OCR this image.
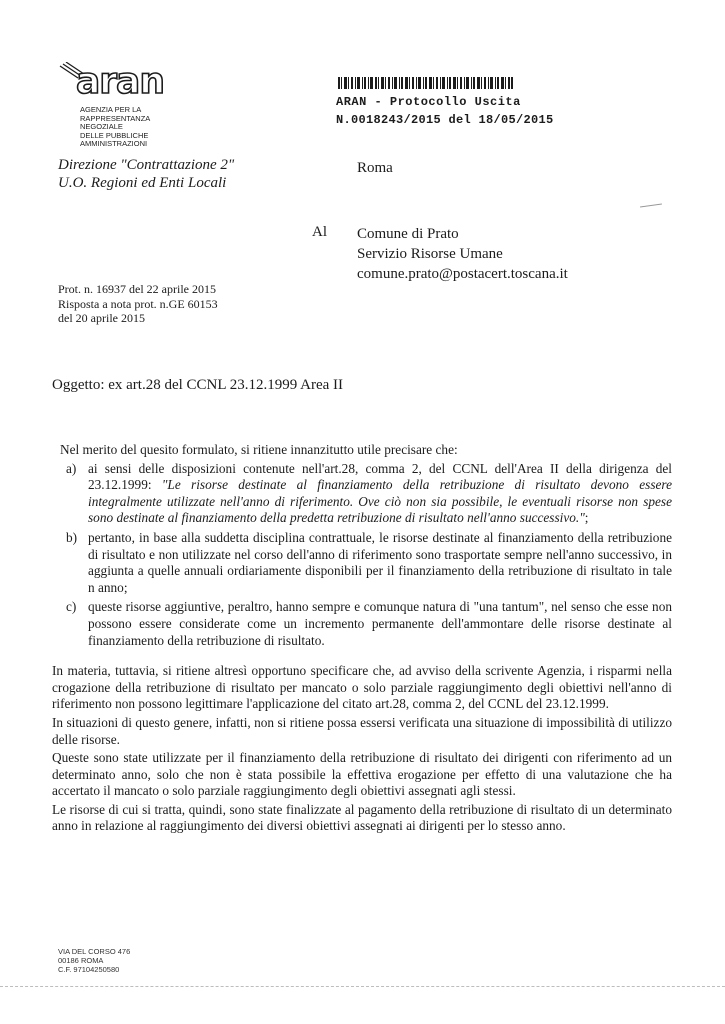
aran
AGENZIA PER LA
RAPPRESENTANZA
NEGOZIALE
DELLE PUBBLICHE
AMMINISTRAZIONI
Direzione "Contrattazione 2"
U.O. Regioni ed Enti Locali
ARAN - Protocollo Uscita
N.0018243/2015 del 18/05/2015
Roma
Al Comune di Prato
Servizio Risorse Umane
comune.prato@postacert.toscana.it
Prot. n. 16937 del 22 aprile 2015
Risposta a nota prot. n.GE 60153
del 20 aprile 2015
Oggetto: ex art.28 del CCNL 23.12.1999 Area II
Nel merito del quesito formulato, si ritiene innanzitutto utile precisare che:
a) ai sensi delle disposizioni contenute nell'art.28, comma 2, del CCNL dell'Area II della dirigenza del 23.12.1999: "Le risorse destinate al finanziamento della retribuzione di risultato devono essere integralmente utilizzate nell'anno di riferimento. Ove ciò non sia possibile, le eventuali risorse non spese sono destinate al finanziamento della predetta retribuzione di risultato nell'anno successivo.";
b) pertanto, in base alla suddetta disciplina contrattuale, le risorse destinate al finanziamento della retribuzione di risultato e non utilizzate nel corso dell'anno di riferimento sono trasportate sempre nell'anno successivo, in aggiunta a quelle annuali ordiariamente disponibili per il finanziamento della retribuzione di risultato in tale n anno;
c) queste risorse aggiuntive, peraltro, hanno sempre e comunque natura di "una tantum", nel senso che esse non possono essere considerate come un incremento permanente dell'ammontare delle risorse destinate al finanziamento della retribuzione di risultato.
In materia, tuttavia, si ritiene altresì opportuno specificare che, ad avviso della scrivente Agenzia, i risparmi nella crogazione della retribuzione di risultato per mancato o solo parziale raggiungimento degli obiettivi nell'anno di riferimento non possono legittimare l'applicazione del citato art.28, comma 2, del CCNL del 23.12.1999.
In situazioni di questo genere, infatti, non si ritiene possa essersi verificata una situazione di impossibilità di utilizzo delle risorse.
Queste sono state utilizzate per il finanziamento della retribuzione di risultato dei dirigenti con riferimento ad un determinato anno, solo che non è stata possibile la effettiva erogazione per effetto di una valutazione che ha accertato il mancato o solo parziale raggiungimento degli obiettivi assegnati agli stessi.
Le risorse di cui si tratta, quindi, sono state finalizzate al pagamento della retribuzione di risultato di un determinato anno in relazione al raggiungimento dei diversi obiettivi assegnati ai dirigenti per lo stesso anno.
VIA DEL CORSO 476
00186 ROMA
C.F. 97104250580
